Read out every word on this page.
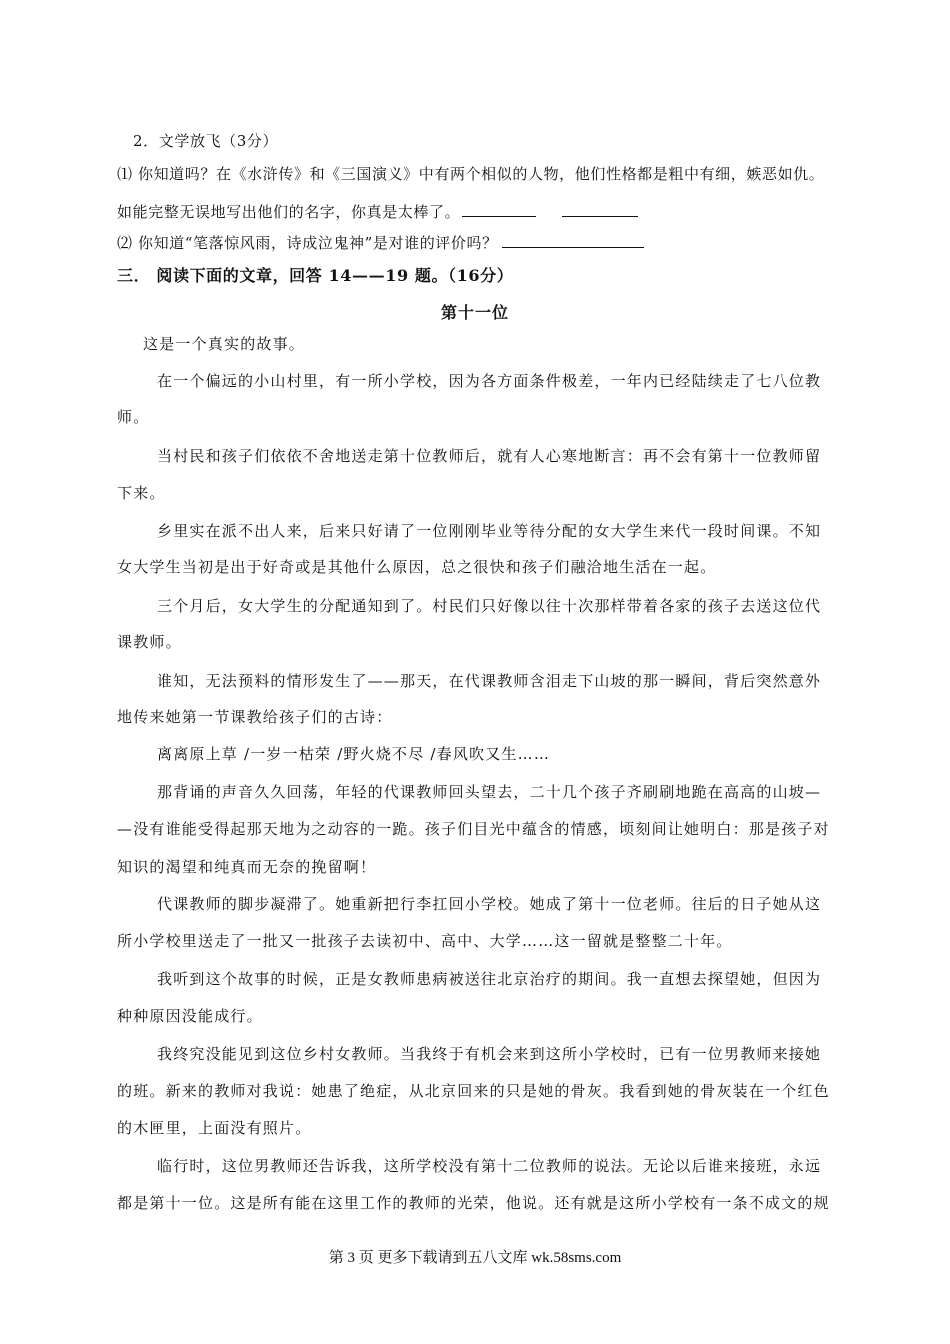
2．文学放飞（3分）
⑴ 你知道吗？在《水浒传》和《三国演义》中有两个相似的人物，他们性格都是粗中有细，嫉恶如仇。
如能完整无误地写出他们的名字，你真是太棒了。
⑵ 你知道“笔落惊风雨，诗成泣鬼神”是对谁的评价吗？
三． 阅读下面的文章，回答 14——19 题。（16分）
第十一位
这是一个真实的故事。
在一个偏远的小山村里，有一所小学校，因为各方面条件极差，一年内已经陆续走了七八位教
师。
当村民和孩子们依依不舍地送走第十位教师后，就有人心寒地断言：再不会有第十一位教师留
下来。
乡里实在派不出人来，后来只好请了一位刚刚毕业等待分配的女大学生来代一段时间课。不知
女大学生当初是出于好奇或是其他什么原因，总之很快和孩子们融洽地生活在一起。
三个月后，女大学生的分配通知到了。村民们只好像以往十次那样带着各家的孩子去送这位代
课教师。
谁知，无法预料的情形发生了——那天，在代课教师含泪走下山坡的那一瞬间，背后突然意外
地传来她第一节课教给孩子们的古诗：
离离原上草 /一岁一枯荣 /野火烧不尽 /春风吹又生……
那背诵的声音久久回荡，年轻的代课教师回头望去，二十几个孩子齐刷刷地跪在高高的山坡—
—没有谁能受得起那天地为之动容的一跪。孩子们目光中蕴含的情感，顷刻间让她明白：那是孩子对
知识的渴望和纯真而无奈的挽留啊！
代课教师的脚步凝滞了。她重新把行李扛回小学校。她成了第十一位老师。往后的日子她从这
所小学校里送走了一批又一批孩子去读初中、高中、大学……这一留就是整整二十年。
我听到这个故事的时候，正是女教师患病被送往北京治疗的期间。我一直想去探望她，但因为
种种原因没能成行。
我终究没能见到这位乡村女教师。当我终于有机会来到这所小学校时，已有一位男教师来接她
的班。新来的教师对我说：她患了绝症，从北京回来的只是她的骨灰。我看到她的骨灰装在一个红色
的木匣里，上面没有照片。
临行时，这位男教师还告诉我，这所学校没有第十二位教师的说法。无论以后谁来接班，永远
都是第十一位。这是所有能在这里工作的教师的光荣，他说。还有就是这所小学校有一条不成文的规
第 3 页 更多下载请到五八文库 wk.58sms.com
